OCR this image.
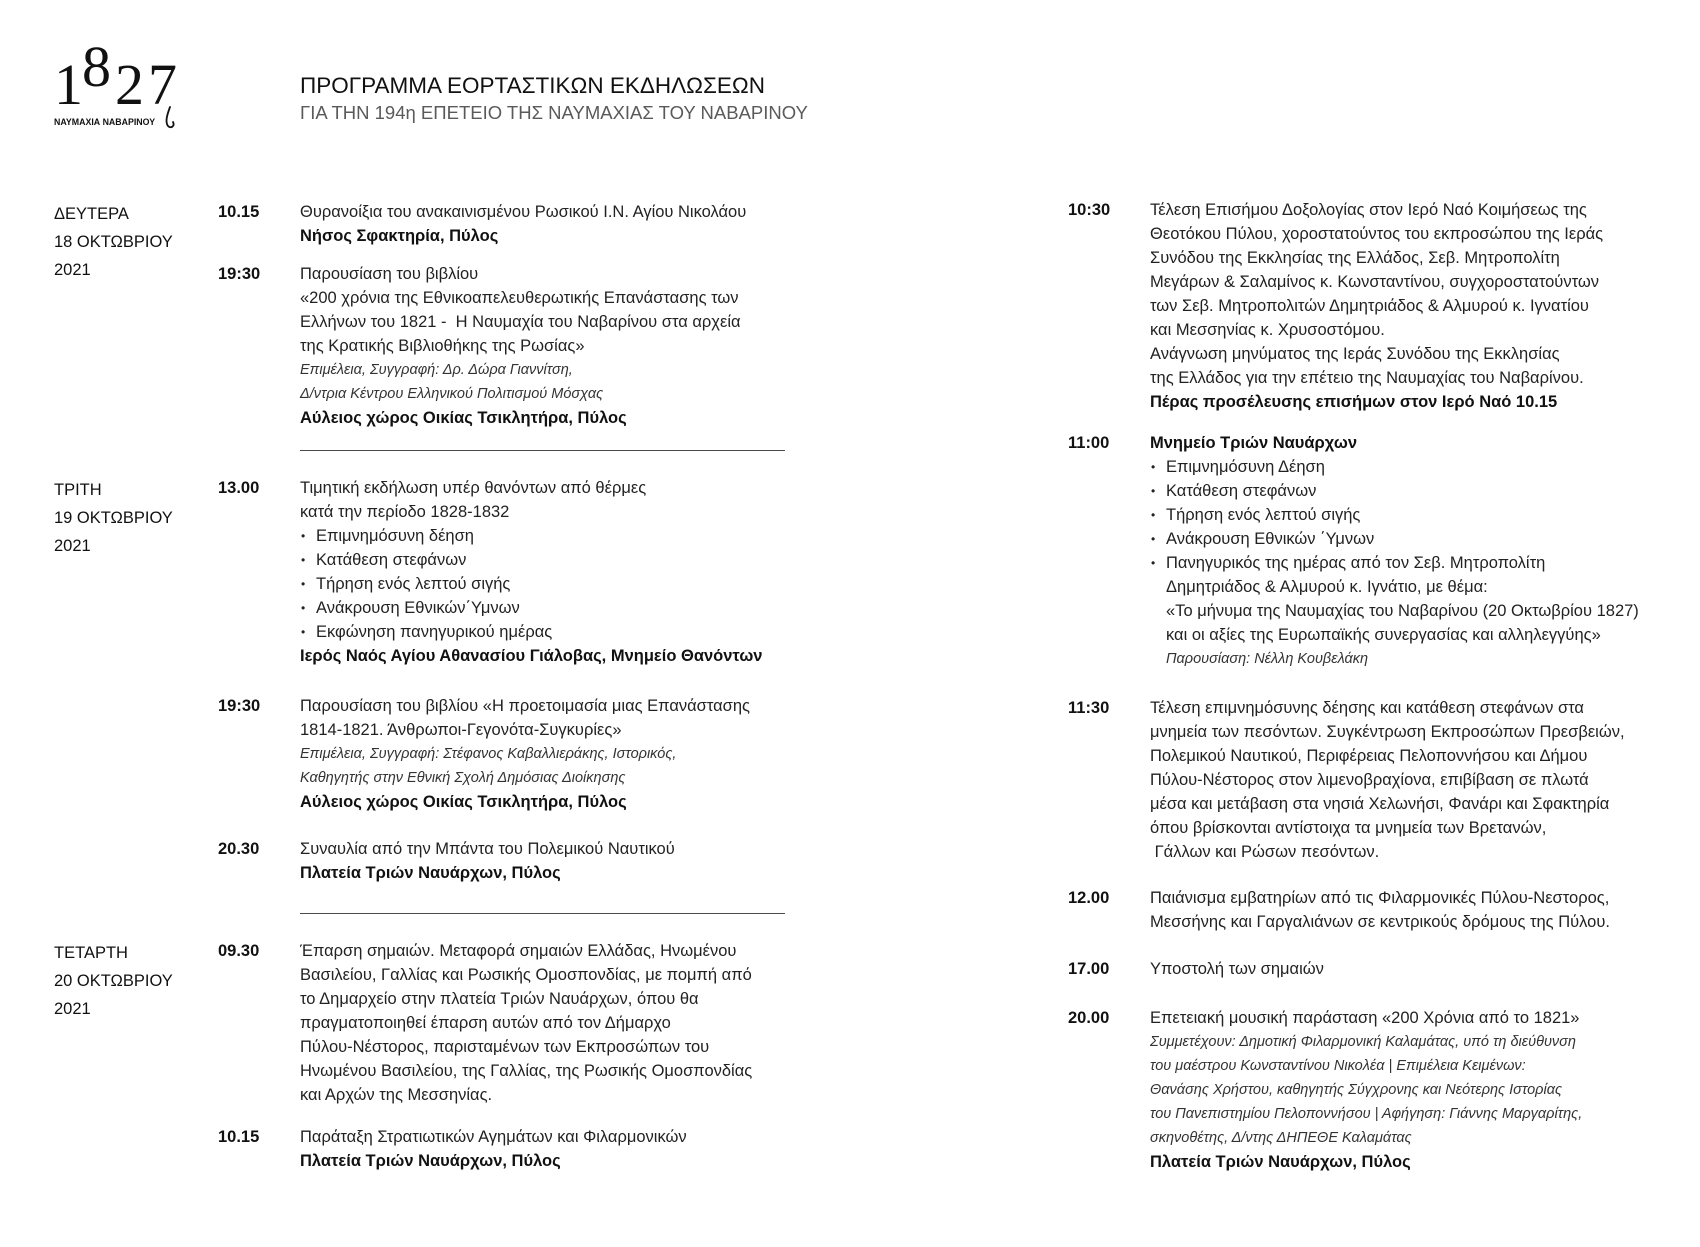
1 8 2 7
ΝΑΥΜΑΧΙΑ ΝΑΒΑΡΙΝΟΥ
ΠΡΟΓΡΑΜΜΑ ΕΟΡΤΑΣΤΙΚΩΝ ΕΚΔΗΛΩΣΕΩΝ
ΓΙΑ ΤΗΝ 194η ΕΠΕΤΕΙΟ ΤΗΣ ΝΑΥΜΑΧΙΑΣ ΤΟΥ ΝΑΒΑΡΙΝΟΥ
ΔΕΥΤΕΡΑ
18 ΟΚΤΩΒΡΙΟΥ
2021
ΤΡΙΤΗ
19 ΟΚΤΩΒΡΙΟΥ
2021
ΤΕΤΑΡΤΗ
20 ΟΚΤΩΒΡΙΟΥ
2021
10.15 Θυρανοίξια του ανακαινισμένου Ρωσικού Ι.Ν. Αγίου Νικολάου
Νήσος Σφακτηρία, Πύλος
19:30 Παρουσίαση του βιβλίου
«200 χρόνια της Εθνικοαπελευθερωτικής Επανάστασης των
Ελλήνων του 1821 -  Η Ναυμαχία του Ναβαρίνου στα αρχεία
της Κρατικής Βιβλιοθήκης της Ρωσίας»
Επιμέλεια, Συγγραφή: Δρ. Δώρα Γιαννίτση,
Δ/ντρια Κέντρου Ελληνικού Πολιτισμού Μόσχας
Αύλειος χώρος Οικίας Τσικλητήρα, Πύλος
13.00 Τιμητική εκδήλωση υπέρ θανόντων από θέρμες
κατά την περίοδο 1828-1832
• Επιμνημόσυνη δέηση
• Κατάθεση στεφάνων
• Τήρηση ενός λεπτού σιγής
• Ανάκρουση Εθνικών΄Υμνων
• Εκφώνηση πανηγυρικού ημέρας
Ιερός Ναός Αγίου Αθανασίου Γιάλοβας, Μνημείο Θανόντων
19:30 Παρουσίαση του βιβλίου «Η προετοιμασία μιας Επανάστασης
1814-1821. Άνθρωποι-Γεγονότα-Συγκυρίες»
Επιμέλεια, Συγγραφή: Στέφανος Καβαλλιεράκης, Ιστορικός,
Καθηγητής στην Εθνική Σχολή Δημόσιας Διοίκησης
Αύλειος χώρος Οικίας Τσικλητήρα, Πύλος
20.30 Συναυλία από την Μπάντα του Πολεμικού Ναυτικού
Πλατεία Τριών Ναυάρχων, Πύλος
09.30 Έπαρση σημαιών. Μεταφορά σημαιών Ελλάδας, Ηνωμένου
Βασιλείου, Γαλλίας και Ρωσικής Ομοσπονδίας, με πομπή από
το Δημαρχείο στην πλατεία Τριών Ναυάρχων, όπου θα
πραγματοποιηθεί έπαρση αυτών από τον Δήμαρχο
Πύλου-Νέστορος, παρισταμένων των Εκπροσώπων του
Ηνωμένου Βασιλείου, της Γαλλίας, της Ρωσικής Ομοσπονδίας
και Αρχών της Μεσσηνίας.
10.15 Παράταξη Στρατιωτικών Αγημάτων και Φιλαρμονικών
Πλατεία Τριών Ναυάρχων, Πύλος
10:30 Τέλεση Επισήμου Δοξολογίας στον Ιερό Ναό Κοιμήσεως της
Θεοτόκου Πύλου, χοροστατούντος του εκπροσώπου της Ιεράς
Συνόδου της Εκκλησίας της Ελλάδος, Σεβ. Μητροπολίτη
Μεγάρων & Σαλαμίνος κ. Κωνσταντίνου, συγχοροστατούντων
των Σεβ. Μητροπολιτών Δημητριάδος & Αλμυρού κ. Ιγνατίου
και Μεσσηνίας κ. Χρυσοστόμου.
Ανάγνωση μηνύματος της Ιεράς Συνόδου της Εκκλησίας
της Ελλάδος για την επέτειο της Ναυμαχίας του Ναβαρίνου.
Πέρας προσέλευσης επισήμων στον Ιερό Ναό 10.15
11:00 Μνημείο Τριών Ναυάρχων
• Επιμνημόσυνη Δέηση
• Κατάθεση στεφάνων
• Τήρηση ενός λεπτού σιγής
• Ανάκρουση Εθνικών ΄Υμνων
• Πανηγυρικός της ημέρας από τον Σεβ. Μητροπολίτη
Δημητριάδος & Αλμυρού κ. Ιγνάτιο, με θέμα:
«Το μήνυμα της Ναυμαχίας του Ναβαρίνου (20 Οκτωβρίου 1827)
και οι αξίες της Ευρωπαϊκής συνεργασίας και αλληλεγγύης»
Παρουσίαση: Νέλλη Κουβελάκη
11:30 Τέλεση επιμνημόσυνης δέησης και κατάθεση στεφάνων στα
μνημεία των πεσόντων. Συγκέντρωση Εκπροσώπων Πρεσβειών,
Πολεμικού Ναυτικού, Περιφέρειας Πελοποννήσου και Δήμου
Πύλου-Νέστορος στον λιμενοβραχίονα, επιβίβαση σε πλωτά
μέσα και μετάβαση στα νησιά Χελωνήσι, Φανάρι και Σφακτηρία
όπου βρίσκονται αντίστοιχα τα μνημεία των Βρετανών,
Γάλλων και Ρώσων πεσόντων.
12.00 Παιάνισμα εμβατηρίων από τις Φιλαρμονικές Πύλου-Νεστορος,
Μεσσήνης και Γαργαλιάνων σε κεντρικούς δρόμους της Πύλου.
17.00 Υποστολή των σημαιών
20.00 Επετειακή μουσική παράσταση «200 Χρόνια από το 1821»
Συμμετέχουν: Δημοτική Φιλαρμονική Καλαμάτας, υπό τη διεύθυνση
του μαέστρου Κωνσταντίνου Νικολέα | Επιμέλεια Κειμένων:
Θανάσης Χρήστου, καθηγητής Σύγχρονης και Νεότερης Ιστορίας
του Πανεπιστημίου Πελοποννήσου | Αφήγηση: Γιάννης Μαργαρίτης,
σκηνοθέτης, Δ/ντης ΔΗΠΕΘΕ Καλαμάτας
Πλατεία Τριών Ναυάρχων, Πύλος
